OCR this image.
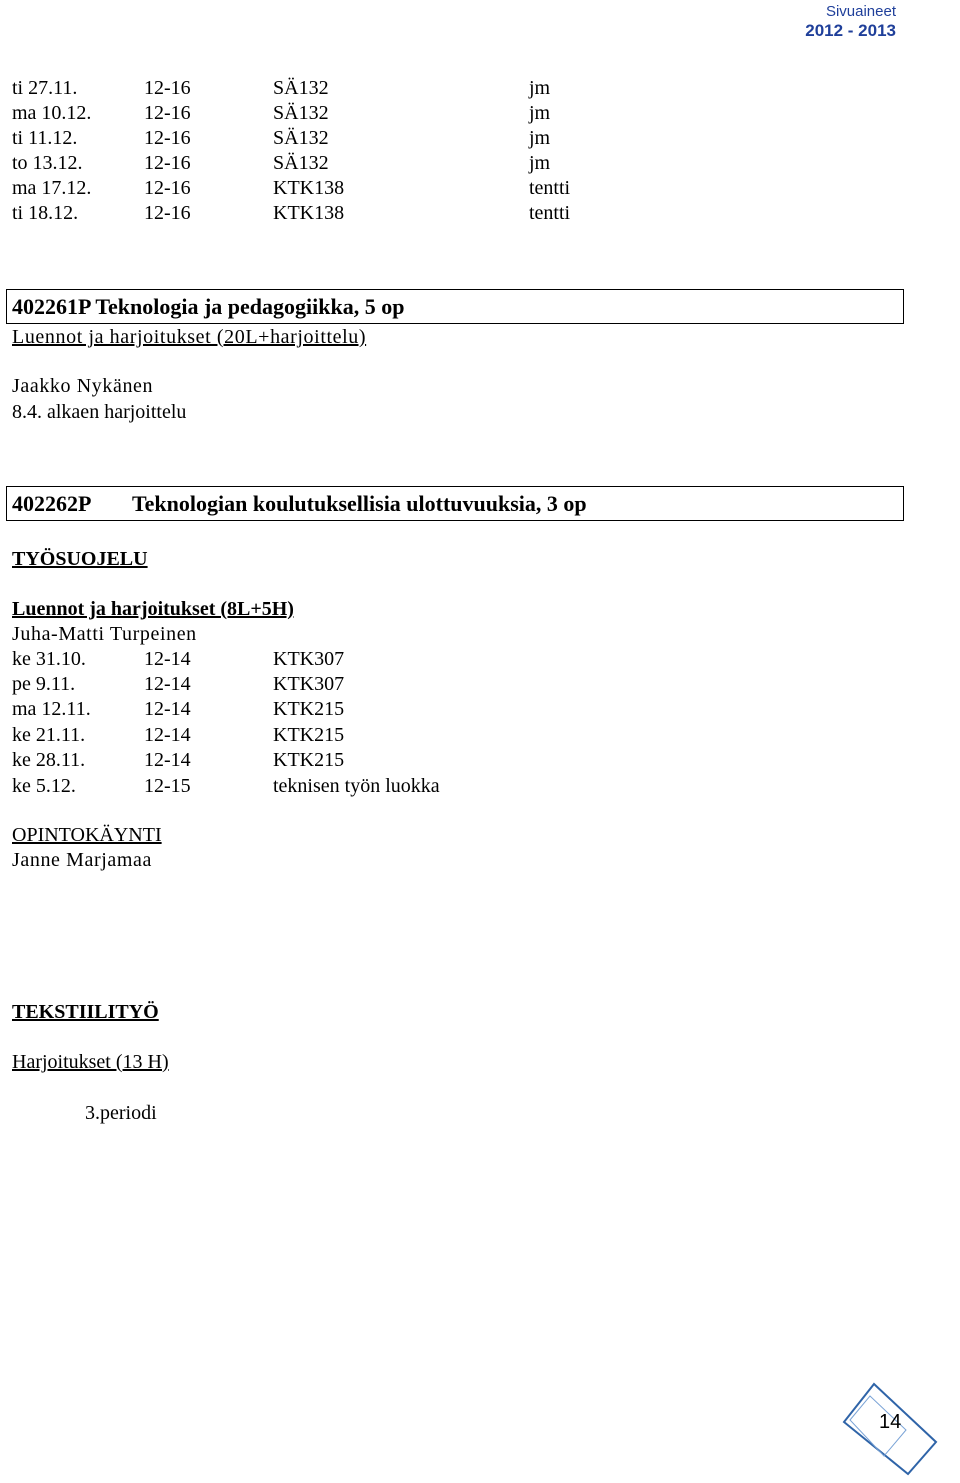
Sivuaineet
2012 - 2013
ti 27.11.	12-16	SÄ132	jm
ma 10.12.	12-16	SÄ132	jm
ti 11.12.	12-16	SÄ132	jm
to 13.12.	12-16	SÄ132	jm
ma 17.12.	12-16	KTK138	tentti
ti 18.12.	12-16	KTK138	tentti
402261P Teknologia ja pedagogiikka, 5 op
Luennot ja harjoitukset (20L+harjoittelu)
Jaakko Nykänen
8.4. alkaen harjoittelu
402262P Teknologian koulutuksellisia ulottuvuuksia, 3 op
TYÖSUOJELU
Luennot ja harjoitukset (8L+5H)
Juha-Matti Turpeinen
ke 31.10.	12-14	KTK307
pe 9.11.	12-14	KTK307
ma 12.11.	12-14	KTK215
ke 21.11.	12-14	KTK215
ke 28.11.	12-14	KTK215
ke 5.12.	12-15	teknisen työn luokka
OPINTOKÄYNTI
Janne Marjamaa
TEKSTIILITYÖ
Harjoitukset (13 H)
3.periodi
14
